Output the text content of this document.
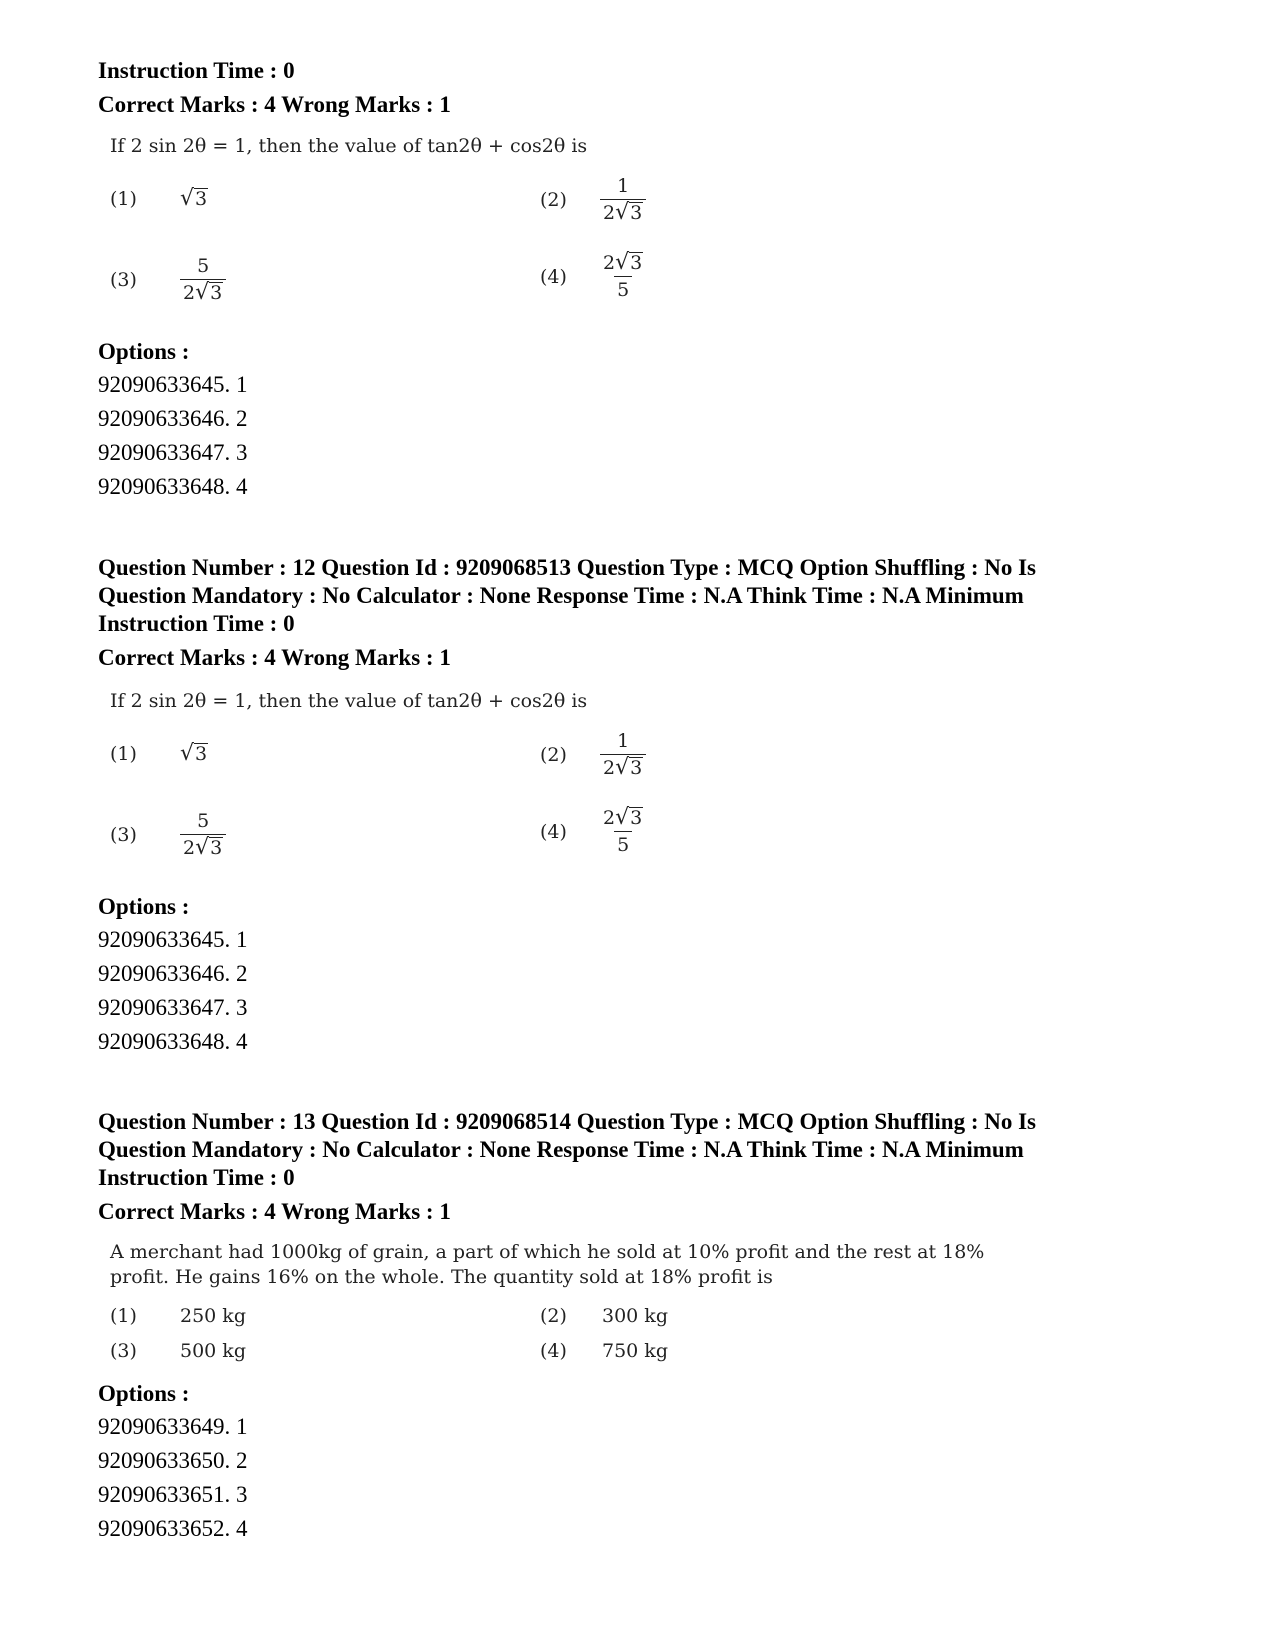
Instruction Time : 0
Correct Marks : 4 Wrong Marks : 1
If 2 sin 2θ = 1, then the value of tan2θ + cos2θ is
(1)	√ 3	(2)	$\frac{1}{2 √ 3}$
(3)	$\frac{5}{2 √ 3}$	(4)	$\frac{2 √ 3}{5}$
Options :
92090633645. 1
92090633646. 2
92090633647. 3
92090633648. 4
Question Number : 12 Question Id : 9209068513 Question Type : MCQ Option Shuffling : No Is
Question Mandatory : No Calculator : None Response Time : N.A Think Time : N.A Minimum
Instruction Time : 0
Correct Marks : 4 Wrong Marks : 1
If 2 sin 2θ = 1, then the value of tan2θ + cos2θ is
(1)	√ 3	(2)	$\frac{1}{2 √ 3}$
(3)	$\frac{5}{2 √ 3}$	(4)	$\frac{2 √ 3}{5}$
Options :
92090633645. 1
92090633646. 2
92090633647. 3
92090633648. 4
Question Number : 13 Question Id : 9209068514 Question Type : MCQ Option Shuffling : No Is
Question Mandatory : No Calculator : None Response Time : N.A Think Time : N.A Minimum
Instruction Time : 0
Correct Marks : 4 Wrong Marks : 1
A merchant had 1000kg of grain, a part of which he sold at 10% profit and the rest at 18%
profit. He gains 16% on the whole. The quantity sold at 18% profit is
(1)	250 kg	(2)	300 kg
(3)	500 kg	(4)	750 kg
Options :
92090633649. 1
92090633650. 2
92090633651. 3
92090633652. 4
